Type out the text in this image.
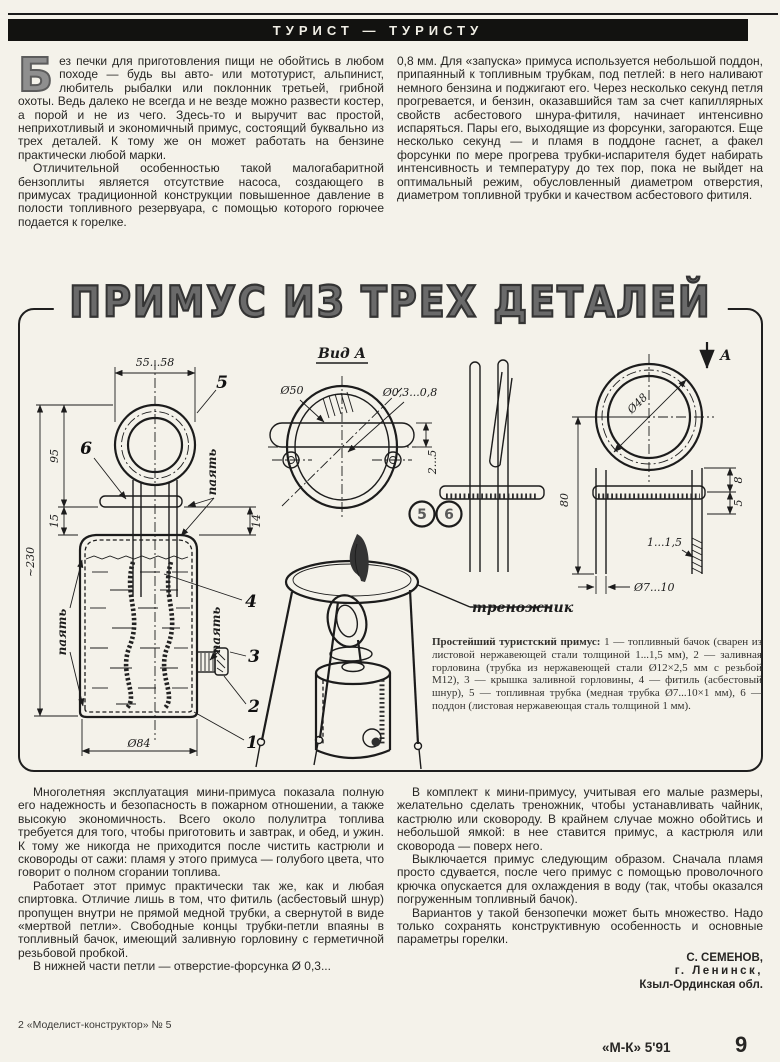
ТУРИСТ — ТУРИСТУ

Без печки для приготовления пищи не обойтись в любом походе — будь вы авто- или мототурист, альпинист, любитель рыбалки или поклонник третьей, грибной охоты. Ведь далеко не всегда и не везде можно развести костер, а порой и не из чего. Здесь-то и выручит вас простой, неприхотливый и экономичный примус, состоящий буквально из трех деталей. К тому же он может работать на бензине практически любой марки.

Отличительной особенностью такой малогабаритной бензоплиты является отсутствие насоса, создающего в примусах традиционной конструкции повышенное давление в полости топливного резервуара, с помощью которого горючее подается к горелке.

0,8 мм. Для «запуска» примуса используется небольшой поддон, припаянный к топливным трубкам, под петлей: в него наливают немного бензина и поджигают его. Через несколько секунд петля прогревается, и бензин, оказавшийся там за счет капиллярных свойств асбестового шнура-фитиля, начинает интенсивно испаряться. Пары его, выходящие из форсунки, загораются. Еще несколько секунд — и пламя в поддоне гаснет, а факел форсунки по мере прогрева трубки-испарителя будет набирать интенсивность и температуру до тех пор, пока не выйдет на оптимальный режим, обусловленный диаметром отверстия, диаметром топливной трубки и качеством асбестового фитиля.

ПРИМУС ИЗ ТРЕХ ДЕТАЛЕЙ
55...58
5
6
95
15
~230
14
паять
паять	паять
4
3
2
1
Ø84
Вид А
Ø50	Ø0,3...0,8
2...5
5 6
А
Ø48
80
8
5
1...1,5
Ø7...10
треножник
Простейший туристский примус: 1 — топливный бачок (сварен из листовой нержавеющей стали толщиной 1...1,5 мм), 2 — заливная горловина (трубка из нержавеющей стали Ø12×2,5 мм с резьбой М12), 3 — крышка заливной горловины, 4 — фитиль (асбестовый шнур), 5 — топливная трубка (медная трубка Ø7...10×1 мм), 6 — поддон (листовая нержавеющая сталь толщиной 1 мм).

Многолетняя эксплуатация мини-примуса показала полную его надежность и безопасность в пожарном отношении, а также высокую экономичность. Всего около полулитра топлива требуется для того, чтобы приготовить и завтрак, и обед, и ужин. К тому же никогда не приходится после чистить кастрюли и сковороды от сажи: пламя у этого примуса — голубого цвета, что говорит о полном сгорании топлива.

Работает этот примус практически так же, как и любая спиртовка. Отличие лишь в том, что фитиль (асбестовый шнур) пропущен внутри не прямой медной трубки, а свернутой в виде «мертвой петли». Свободные концы трубки-петли впаяны в топливный бачок, имеющий заливную горловину с герметичной резьбовой пробкой.

В нижней части петли — отверстие-форсунка Ø 0,3...

В комплект к мини-примусу, учитывая его малые размеры, желательно сделать треножник, чтобы устанавливать чайник, кастрюлю или сковороду. В крайнем случае можно обойтись и небольшой ямкой: в нее ставится примус, а кастрюля или сковорода — поверх него.

Выключается примус следующим образом. Сначала пламя просто сдувается, после чего примус с помощью проволочного крючка опускается для охлаждения в воду (так, чтобы оказался погруженным топливный бачок).

Вариантов у такой бензопечки может быть множество. Надо только сохранять конструктивную особенность и основные параметры горелки.

С. СЕМЕНОВ,
г. Ленинск,
Кзыл-Ординская обл.
2 «Моделист-конструктор» № 5
«М-К» 5'91	9
